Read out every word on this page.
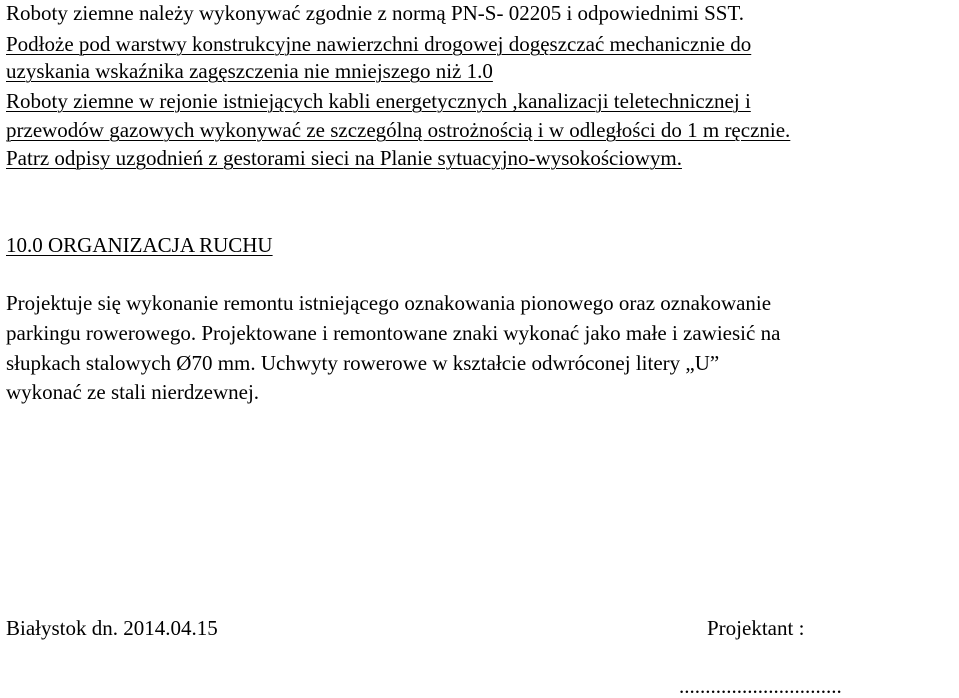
Roboty ziemne należy wykonywać zgodnie z normą PN-S- 02205 i odpowiednimi SST.
Podłoże pod warstwy konstrukcyjne nawierzchni drogowej dogęszczać mechanicznie do
uzyskania wskaźnika zagęszczenia nie mniejszego niż 1.0
Roboty ziemne w rejonie istniejących kabli energetycznych ,kanalizacji teletechnicznej i
przewodów gazowych wykonywać ze szczególną ostrożnością i w odległości do 1 m ręcznie.
Patrz odpisy uzgodnień z gestorami sieci na Planie sytuacyjno-wysokościowym.
10.0 ORGANIZACJA RUCHU
Projektuje się wykonanie remontu istniejącego oznakowania pionowego oraz oznakowanie
parkingu rowerowego. Projektowane i remontowane znaki wykonać jako małe i zawiesić na
słupkach stalowych Ø70 mm. Uchwyty rowerowe w kształcie odwróconej litery „U”
wykonać ze stali nierdzewnej.
Białystok dn. 2014.04.15	Projektant :
...............................
